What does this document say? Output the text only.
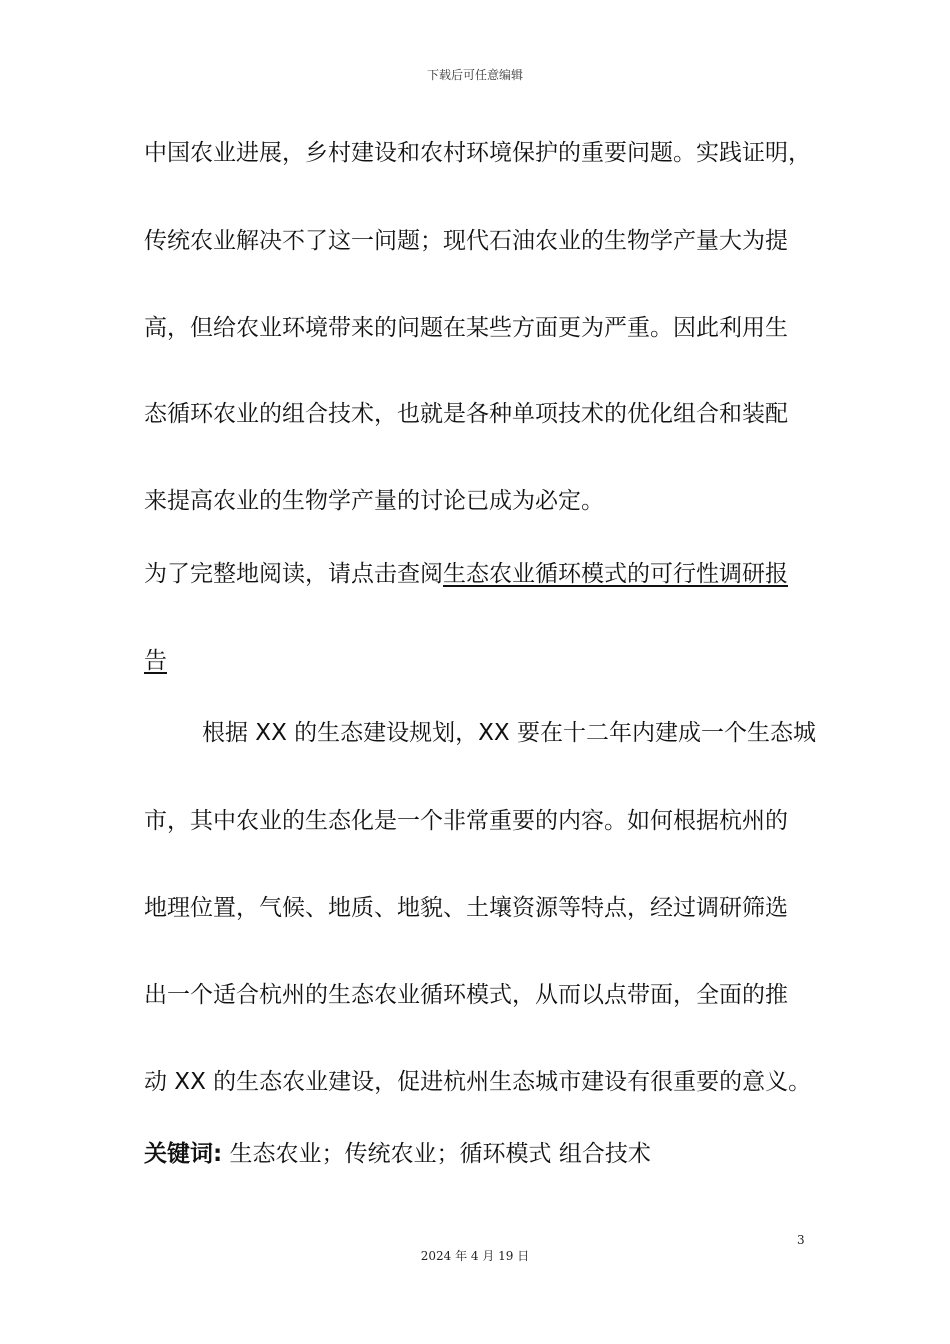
下载后可任意编辑
中国农业进展，乡村建设和农村环境保护的重要问题。实践证明，
传统农业解决不了这一问题；现代石油农业的生物学产量大为提
高，但给农业环境带来的问题在某些方面更为严重。因此利用生
态循环农业的组合技术，也就是各种单项技术的优化组合和装配
来提高农业的生物学产量的讨论已成为必定。
为了完整地阅读，请点击查阅生态农业循环模式的可行性调研报
告
根据 XX 的生态建设规划，XX 要在十二年内建成一个生态城
市，其中农业的生态化是一个非常重要的内容。如何根据杭州的
地理位置，气候、地质、地貌、土壤资源等特点，经过调研筛选
出一个适合杭州的生态农业循环模式，从而以点带面，全面的推
动 XX 的生态农业建设，促进杭州生态城市建设有很重要的意义。
关键词: 生态农业；传统农业；循环模式 组合技术
3
2024 年 4 月 19 日
